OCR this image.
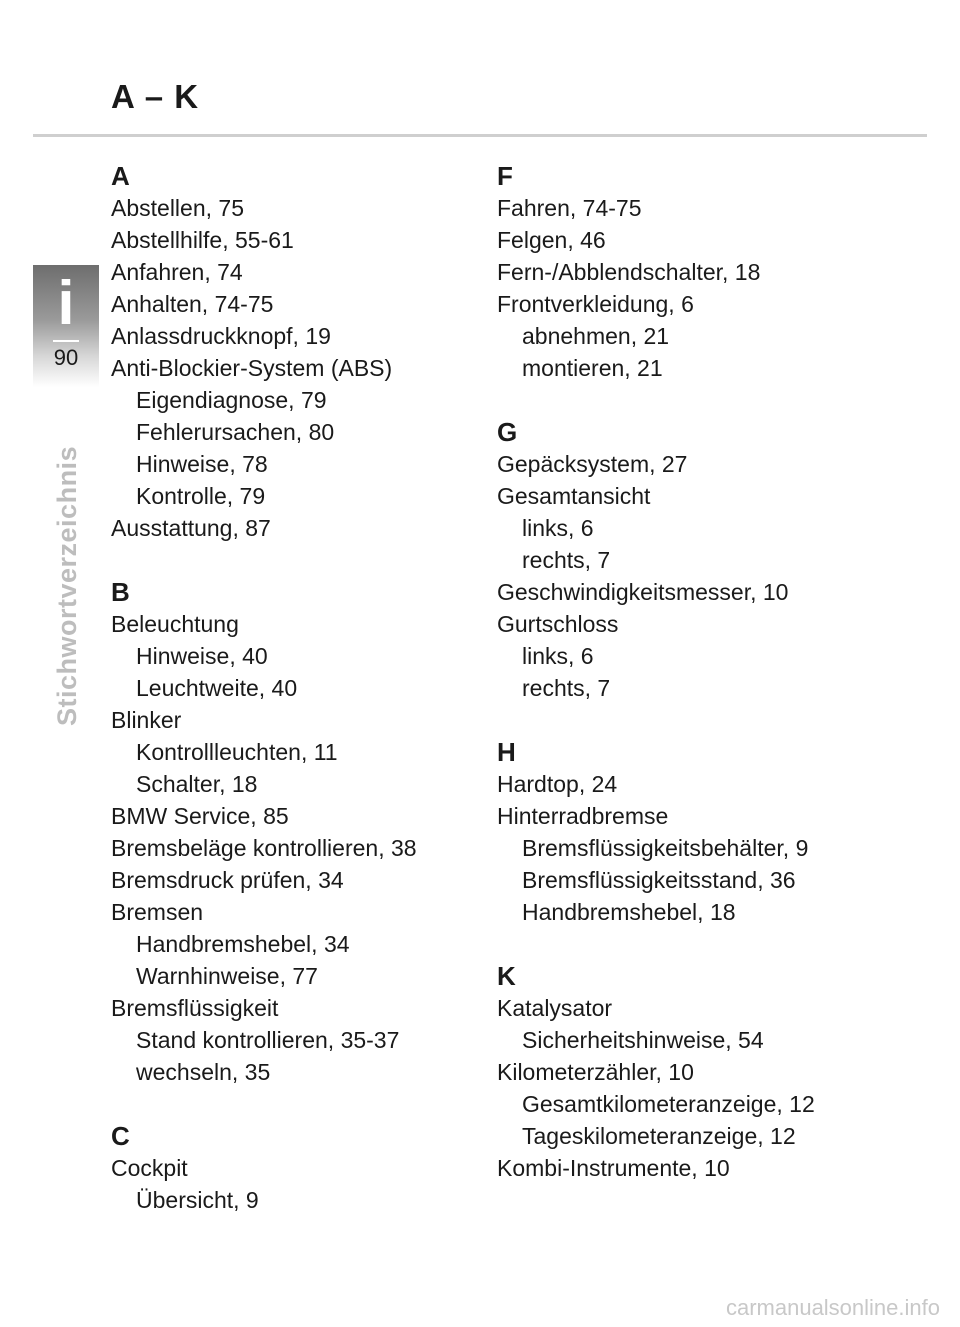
A – K
i
90
Stichwortverzeichnis
A
Abstellen, 75
Abstellhilfe, 55-61
Anfahren, 74
Anhalten, 74-75
Anlassdruckknopf, 19
Anti-Blockier-System (ABS)
Eigendiagnose, 79
Fehlerursachen, 80
Hinweise, 78
Kontrolle, 79
Ausstattung, 87
B
Beleuchtung
Hinweise, 40
Leuchtweite, 40
Blinker
Kontrollleuchten, 11
Schalter, 18
BMW Service, 85
Bremsbeläge kontrollieren, 38
Bremsdruck prüfen, 34
Bremsen
Handbremshebel, 34
Warnhinweise, 77
Bremsflüssigkeit
Stand kontrollieren, 35-37
wechseln, 35
C
Cockpit
Übersicht, 9
F
Fahren, 74-75
Felgen, 46
Fern-/Abblendschalter, 18
Frontverkleidung, 6
abnehmen, 21
montieren, 21
G
Gepäcksystem, 27
Gesamtansicht
links, 6
rechts, 7
Geschwindigkeitsmesser, 10
Gurtschloss
links, 6
rechts, 7
H
Hardtop, 24
Hinterradbremse
Bremsflüssigkeitsbehälter, 9
Bremsflüssigkeitsstand, 36
Handbremshebel, 18
K
Katalysator
Sicherheitshinweise, 54
Kilometerzähler, 10
Gesamtkilometeranzeige, 12
Tageskilometeranzeige, 12
Kombi-Instrumente, 10
carmanualsonline.info
